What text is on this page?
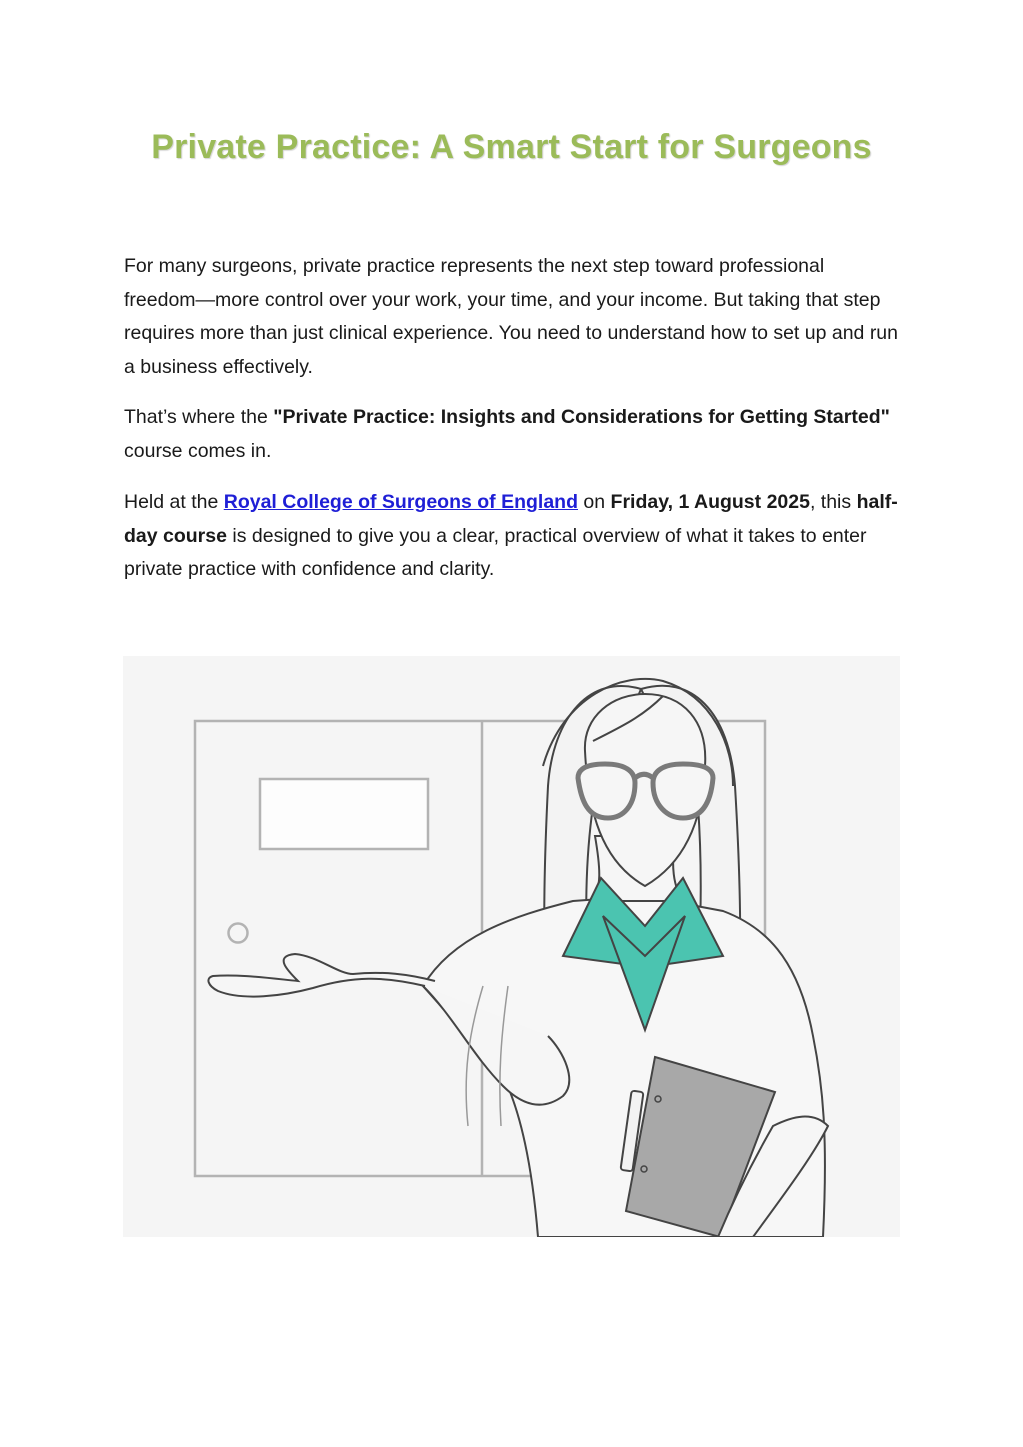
Private Practice: A Smart Start for Surgeons

For many surgeons, private practice represents the next step toward professional freedom—more control over your work, your time, and your income. But taking that step requires more than just clinical experience. You need to understand how to set up and run a business effectively.

That’s where the "Private Practice: Insights and Considerations for Getting Started" course comes in.

Held at the Royal College of Surgeons of England on Friday, 1 August 2025, this half-day course is designed to give you a clear, practical overview of what it takes to enter private practice with confidence and clarity.
